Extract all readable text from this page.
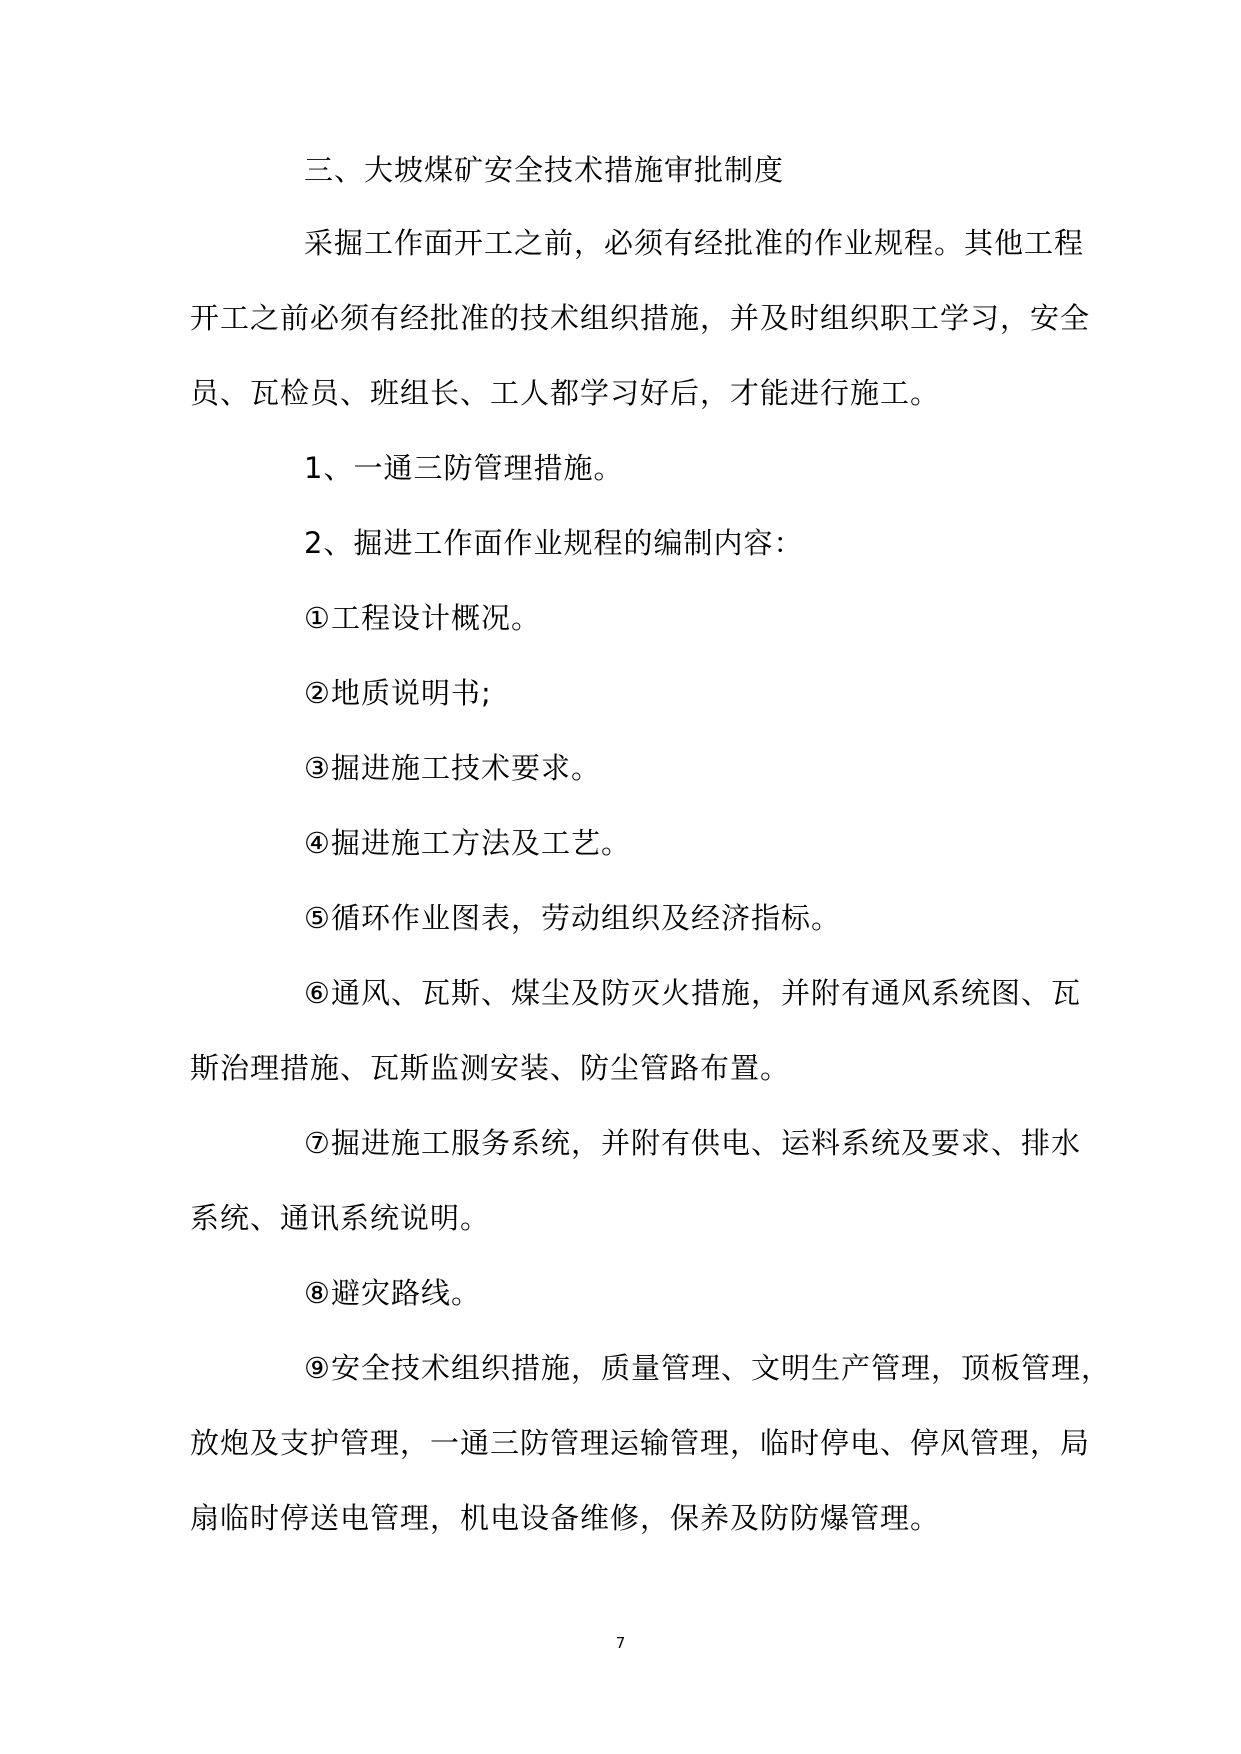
三、大坡煤矿安全技术措施审批制度
采掘工作面开工之前，必须有经批准的作业规程。其他工程
开工之前必须有经批准的技术组织措施，并及时组织职工学习，安全
员、瓦检员、班组长、工人都学习好后，才能进行施工。
1、一通三防管理措施。
2、掘进工作面作业规程的编制内容：
①工程设计概况。
②地质说明书;
③掘进施工技术要求。
④掘进施工方法及工艺。
⑤循环作业图表，劳动组织及经济指标。
⑥通风、瓦斯、煤尘及防灭火措施，并附有通风系统图、瓦
斯治理措施、瓦斯监测安装、防尘管路布置。
⑦掘进施工服务系统，并附有供电、运料系统及要求、排水
系统、通讯系统说明。
⑧避灾路线。
⑨安全技术组织措施，质量管理、文明生产管理，顶板管理，
放炮及支护管理，一通三防管理运输管理，临时停电、停风管理，局
扇临时停送电管理，机电设备维修，保养及防防爆管理。
7
